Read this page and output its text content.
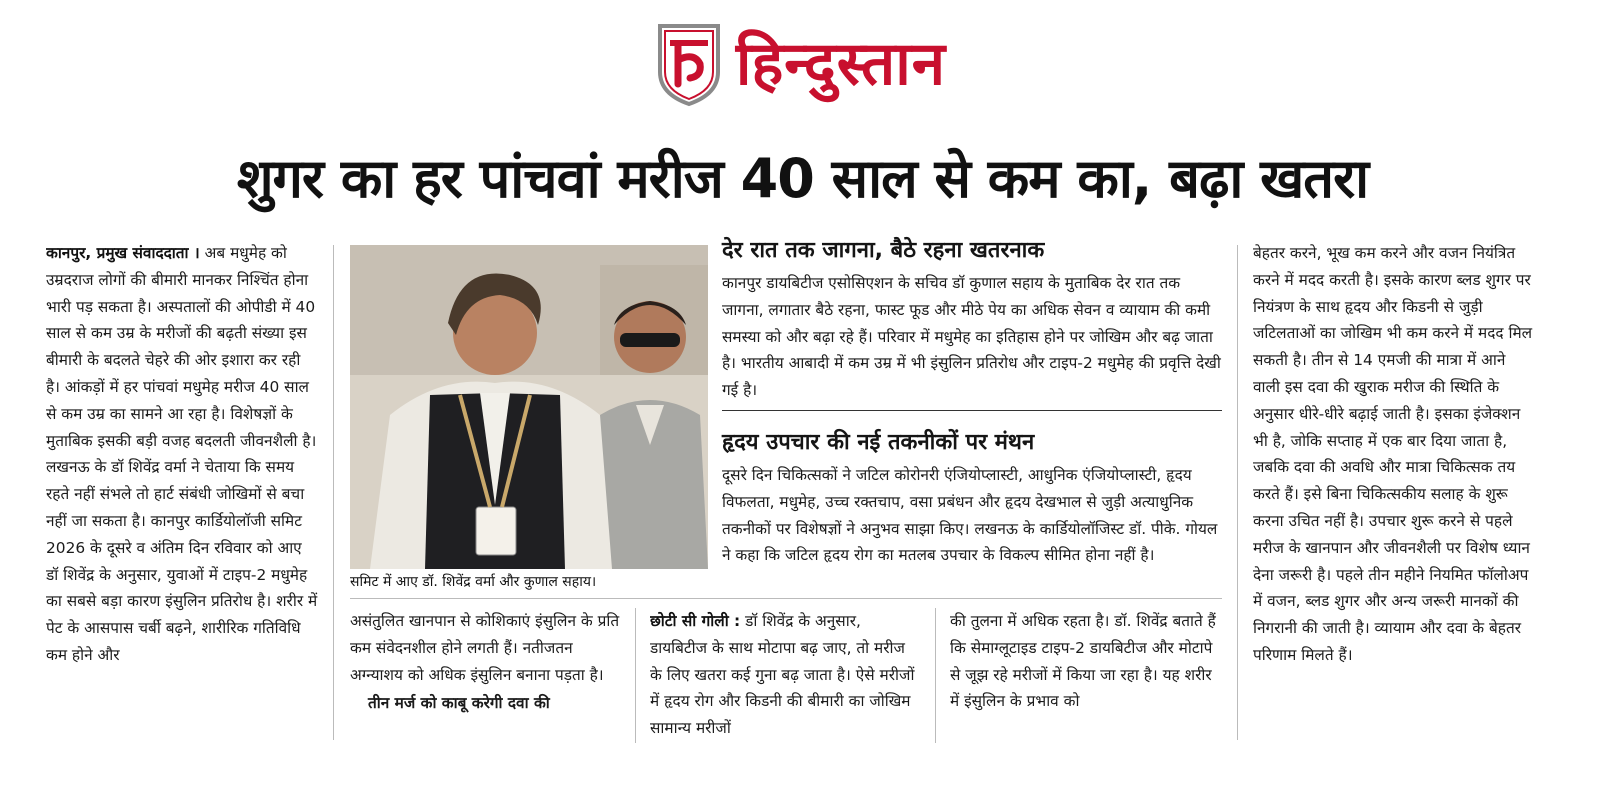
हिन्दुस्तान
शुगर का हर पांचवां मरीज 40 साल से कम का, बढ़ा खतरा
कानपुर, प्रमुख संवाददाता । अब मधुमेह को उम्रदराज लोगों की बीमारी मानकर निश्चिंत होना भारी पड़ सकता है। अस्पतालों की ओपीडी में 40 साल से कम उम्र के मरीजों की बढ़ती संख्या इस बीमारी के बदलते चेहरे की ओर इशारा कर रही है। आंकड़ों में हर पांचवां मधुमेह मरीज 40 साल से कम उम्र का सामने आ रहा है। विशेषज्ञों के मुताबिक इसकी बड़ी वजह बदलती जीवनशैली है। लखनऊ के डॉ शिवेंद्र वर्मा ने चेताया कि समय रहते नहीं संभले तो हार्ट संबंधी जोखिमों से बचा नहीं जा सकता है। कानपुर कार्डियोलॉजी समिट 2026 के दूसरे व अंतिम दिन रविवार को आए डॉ शिवेंद्र के अनुसार, युवाओं में टाइप-2 मधुमेह का सबसे बड़ा कारण इंसुलिन प्रतिरोध है। शरीर में पेट के आसपास चर्बी बढ़ने, शारीरिक गतिविधि कम होने और
समिट में आए डॉ. शिवेंद्र वर्मा और कुणाल सहाय।
देर रात तक जागना, बैठे रहना खतरनाक
कानपुर डायबिटीज एसोसिएशन के सचिव डॉ कुणाल सहाय के मुताबिक देर रात तक जागना, लगातार बैठे रहना, फास्ट फूड और मीठे पेय का अधिक सेवन व व्यायाम की कमी समस्या को और बढ़ा रहे हैं। परिवार में मधुमेह का इतिहास होने पर जोखिम और बढ़ जाता है। भारतीय आबादी में कम उम्र में भी इंसुलिन प्रतिरोध और टाइप-2 मधुमेह की प्रवृत्ति देखी गई है।
हृदय उपचार की नई तकनीकों पर मंथन
दूसरे दिन चिकित्सकों ने जटिल कोरोनरी एंजियोप्लास्टी, आधुनिक एंजियोप्लास्टी, हृदय विफलता, मधुमेह, उच्च रक्तचाप, वसा प्रबंधन और हृदय देखभाल से जुड़ी अत्याधुनिक तकनीकों पर विशेषज्ञों ने अनुभव साझा किए। लखनऊ के कार्डियोलॉजिस्ट डॉ. पीके. गोयल ने कहा कि जटिल हृदय रोग का मतलब उपचार के विकल्प सीमित होना नहीं है।
असंतुलित खानपान से कोशिकाएं इंसुलिन के प्रति कम संवेदनशील होने लगती हैं। नतीजतन अग्न्याशय को अधिक इंसुलिन बनाना पड़ता है।
तीन मर्ज को काबू करेगी दवा की
छोटी सी गोली : डॉ शिवेंद्र के अनुसार, डायबिटीज के साथ मोटापा बढ़ जाए, तो मरीज के लिए खतरा कई गुना बढ़ जाता है। ऐसे मरीजों में हृदय रोग और किडनी की बीमारी का जोखिम सामान्य मरीजों
की तुलना में अधिक रहता है। डॉ. शिवेंद्र बताते हैं कि सेमाग्लूटाइड टाइप-2 डायबिटीज और मोटापे से जूझ रहे मरीजों में किया जा रहा है। यह शरीर में इंसुलिन के प्रभाव को
बेहतर करने, भूख कम करने और वजन नियंत्रित करने में मदद करती है। इसके कारण ब्लड शुगर पर नियंत्रण के साथ हृदय और किडनी से जुड़ी जटिलताओं का जोखिम भी कम करने में मदद मिल सकती है। तीन से 14 एमजी की मात्रा में आने वाली इस दवा की खुराक मरीज की स्थिति के अनुसार धीरे-धीरे बढ़ाई जाती है। इसका इंजेक्शन भी है, जोकि सप्ताह में एक बार दिया जाता है, जबकि दवा की अवधि और मात्रा चिकित्सक तय करते हैं। इसे बिना चिकित्सकीय सलाह के शुरू करना उचित नहीं है। उपचार शुरू करने से पहले मरीज के खानपान और जीवनशैली पर विशेष ध्यान देना जरूरी है। पहले तीन महीने नियमित फॉलोअप में वजन, ब्लड शुगर और अन्य जरूरी मानकों की निगरानी की जाती है। व्यायाम और दवा के बेहतर परिणाम मिलते हैं।
